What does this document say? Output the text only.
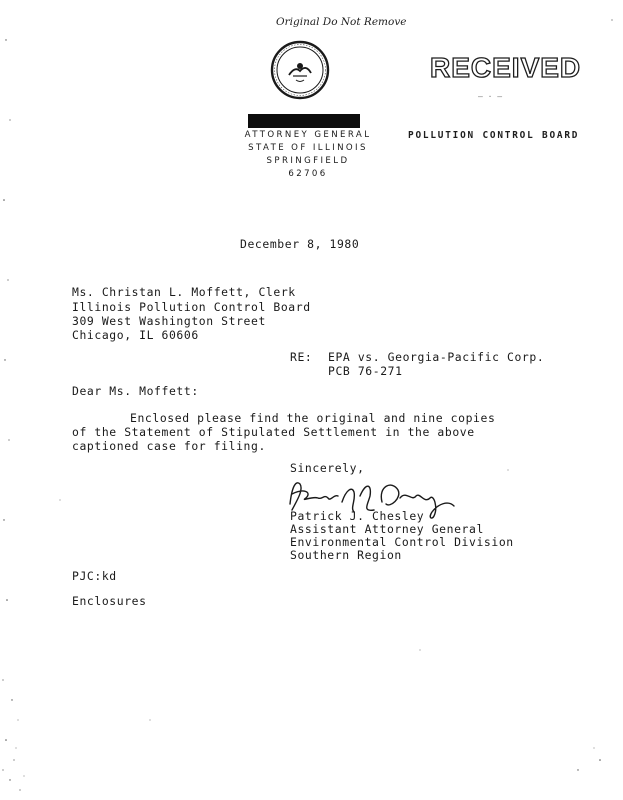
Original Do Not Remove
ATTORNEY GENERAL
STATE OF ILLINOIS
SPRINGFIELD
62706
RECEIVED
— · —
POLLUTION CONTROL BOARD
December 8, 1980
Ms. Christan L. Moffett, Clerk
Illinois Pollution Control Board
309 West Washington Street
Chicago, IL 60606
RE: EPA vs. Georgia-Pacific Corp.
PCB 76-271
Dear Ms. Moffett:
Enclosed please find the original and nine copies
of the Statement of Stipulated Settlement in the above
captioned case for filing.
Sincerely,
Patrick J. Chesley
Assistant Attorney General
Environmental Control Division
Southern Region
PJC:kd
Enclosures
